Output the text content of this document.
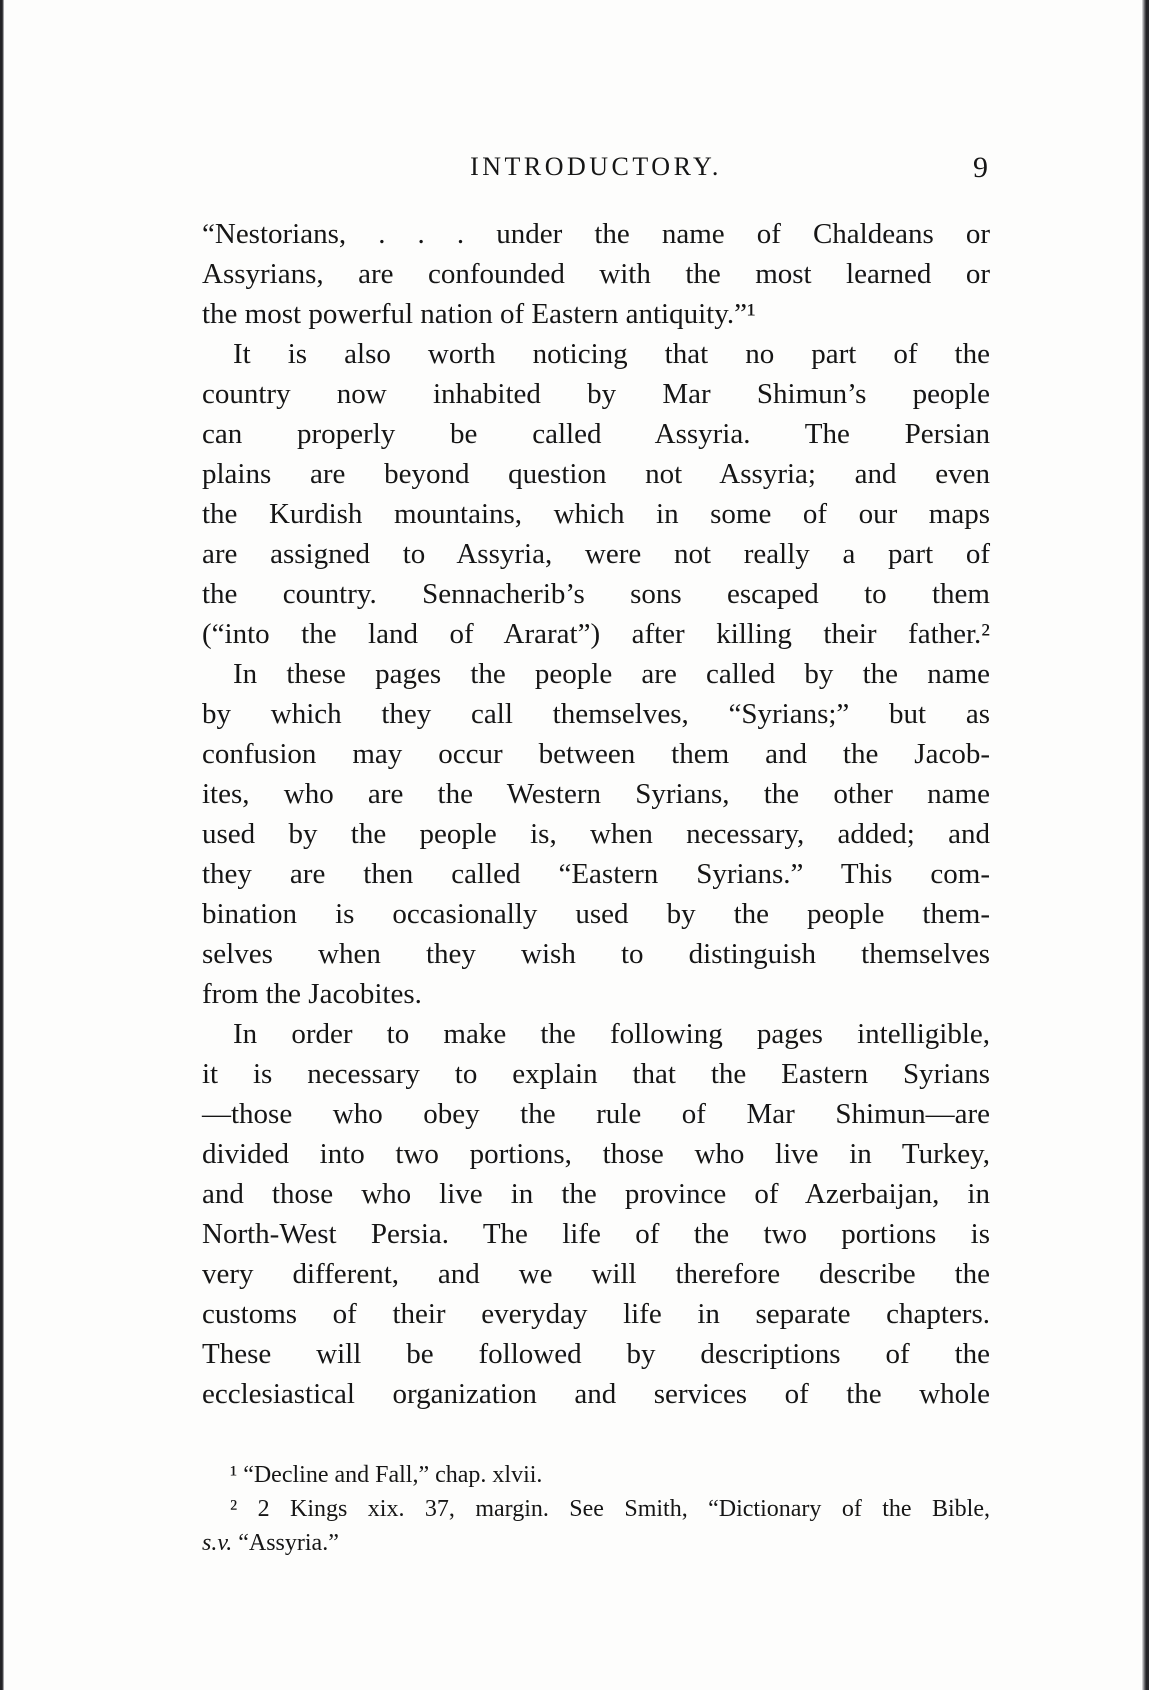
INTRODUCTORY.	9
“Nestorians, . . . under the name of Chaldeans or
Assyrians, are confounded with the most learned or
the most powerful nation of Eastern antiquity.”¹
It is also worth noticing that no part of the
country now inhabited by Mar Shimun’s people
can properly be called Assyria. The Persian
plains are beyond question not Assyria; and even
the Kurdish mountains, which in some of our maps
are assigned to Assyria, were not really a part of
the country. Sennacherib’s sons escaped to them
(“into the land of Ararat”) after killing their father.²
In these pages the people are called by the name
by which they call themselves, “Syrians;” but as
confusion may occur between them and the Jacob-
ites, who are the Western Syrians, the other name
used by the people is, when necessary, added; and
they are then called “Eastern Syrians.” This com-
bination is occasionally used by the people them-
selves when they wish to distinguish themselves
from the Jacobites.
In order to make the following pages intelligible,
it is necessary to explain that the Eastern Syrians
—those who obey the rule of Mar Shimun—are
divided into two portions, those who live in Turkey,
and those who live in the province of Azerbaijan, in
North-West Persia. The life of the two portions is
very different, and we will therefore describe the
customs of their everyday life in separate chapters.
These will be followed by descriptions of the
ecclesiastical organization and services of the whole
¹ “Decline and Fall,” chap. xlvii.
² 2 Kings xix. 37, margin. See Smith, “Dictionary of the Bible,
s.v. “Assyria.”
